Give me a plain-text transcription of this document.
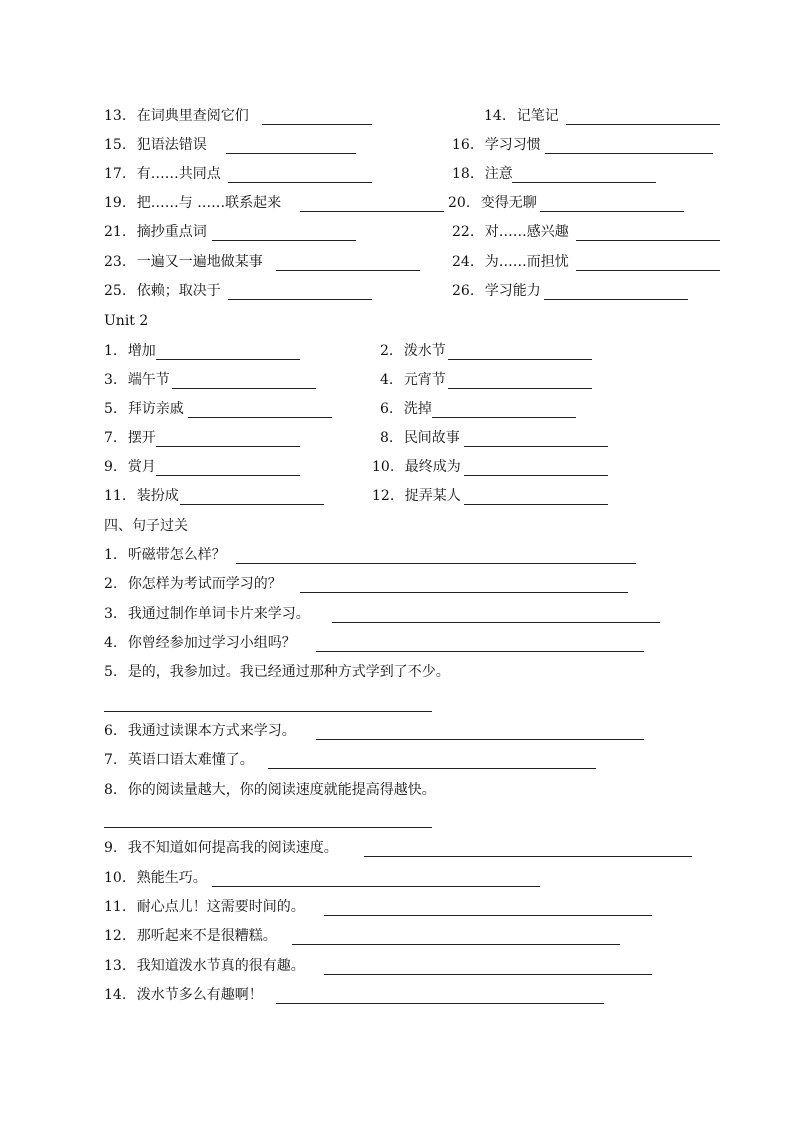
13. 在词典里查阅它们	14. 记笔记
15. 犯语法错误	16. 学习习惯
17. 有……共同点	18. 注意
19. 把……与 ……联系起来	20. 变得无聊
21. 摘抄重点词	22. 对……感兴趣
23. 一遍又一遍地做某事	24. 为……而担忧
25. 依赖；取决于	26. 学习能力
Unit 2
1. 增加	2. 泼水节
3. 端午节	4. 元宵节
5. 拜访亲戚	6. 洗掉
7. 摆开	8. 民间故事
9. 赏月	10. 最终成为
11. 装扮成	12. 捉弄某人
四、句子过关
1. 听磁带怎么样？
2. 你怎样为考试而学习的？
3. 我通过制作单词卡片来学习。
4. 你曾经参加过学习小组吗？
5. 是的，我参加过。我已经通过那种方式学到了不少。
6. 我通过读课本方式来学习。
7. 英语口语太难懂了。
8. 你的阅读量越大，你的阅读速度就能提高得越快。
9. 我不知道如何提高我的阅读速度。
10. 熟能生巧。
11. 耐心点儿！这需要时间的。
12. 那听起来不是很糟糕。
13. 我知道泼水节真的很有趣。
14. 泼水节多么有趣啊！
